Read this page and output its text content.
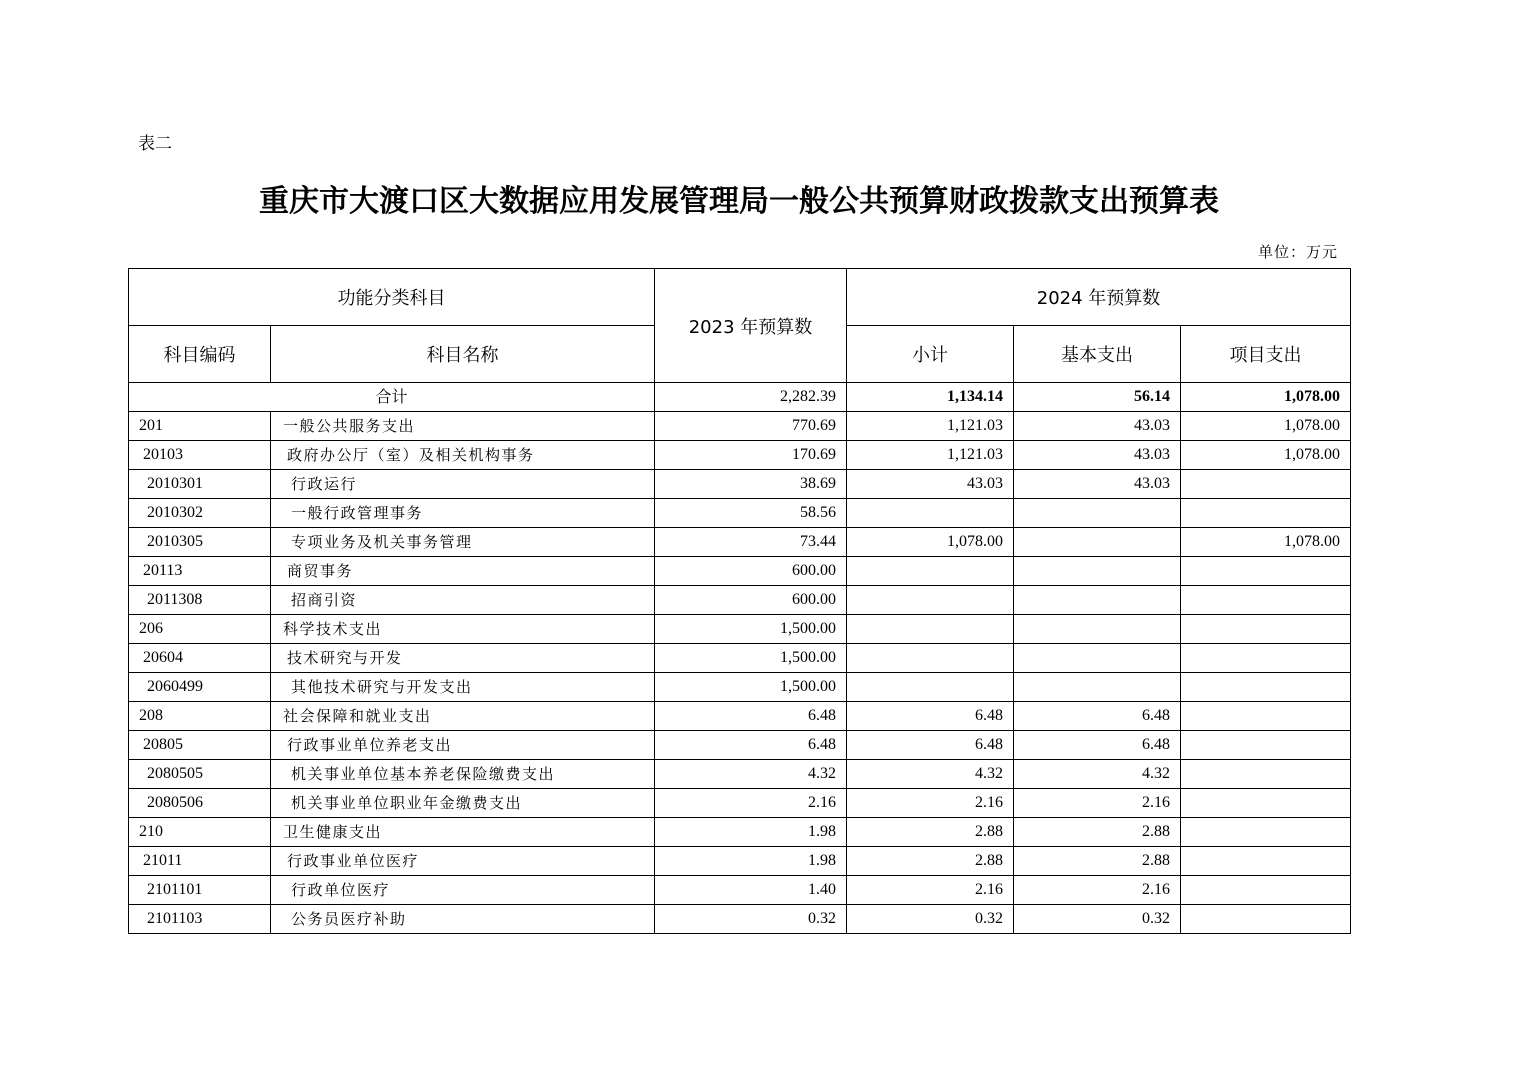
表二
重庆市大渡口区大数据应用发展管理局一般公共预算财政拨款支出预算表
单位：万元
功能分类科目		2023 年预算数	2024 年预算数		
科目编码	科目名称		小计	基本支出	项目支出
合计		2,282.39	1,134.14	56.14	1,078.00
201	一般公共服务支出	770.69	1,121.03	43.03	1,078.00
20103	政府办公厅（室）及相关机构事务	170.69	1,121.03	43.03	1,078.00
2010301	行政运行	38.69	43.03	43.03	
2010302	一般行政管理事务	58.56			
2010305	专项业务及机关事务管理	73.44	1,078.00		1,078.00
20113	商贸事务	600.00			
2011308	招商引资	600.00			
206	科学技术支出	1,500.00			
20604	技术研究与开发	1,500.00			
2060499	其他技术研究与开发支出	1,500.00			
208	社会保障和就业支出	6.48	6.48	6.48	
20805	行政事业单位养老支出	6.48	6.48	6.48	
2080505	机关事业单位基本养老保险缴费支出	4.32	4.32	4.32	
2080506	机关事业单位职业年金缴费支出	2.16	2.16	2.16	
210	卫生健康支出	1.98	2.88	2.88	
21011	行政事业单位医疗	1.98	2.88	2.88	
2101101	行政单位医疗	1.40	2.16	2.16	
2101103	公务员医疗补助	0.32	0.32	0.32	
